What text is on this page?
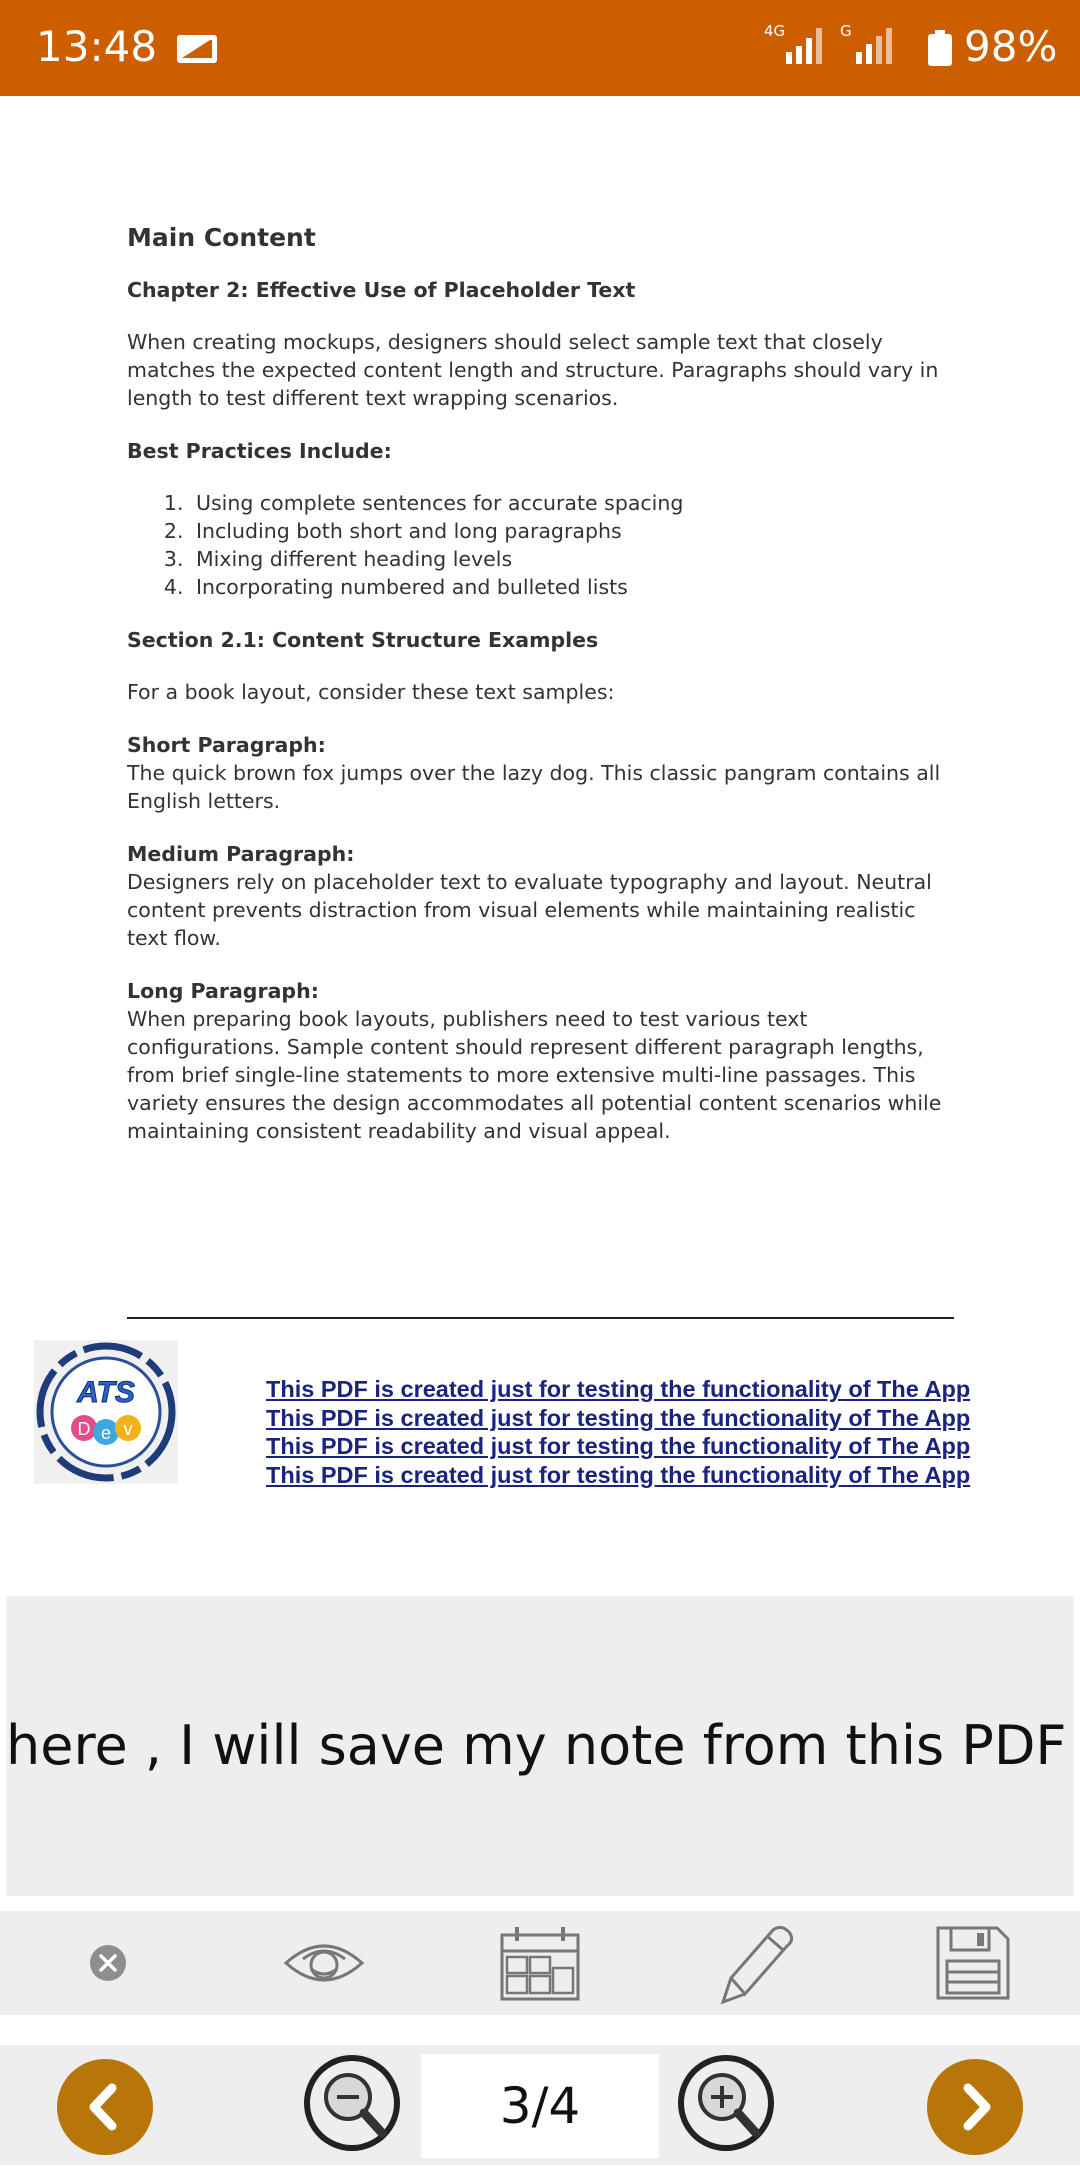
13:48	4G	G	98%
Main Content
Chapter 2: Effective Use of Placeholder Text

When creating mockups, designers should select sample text that closely matches the expected content length and structure. Paragraphs should vary in length to test different text wrapping scenarios.

Best Practices Include:
1. Using complete sentences for accurate spacing
2. Including both short and long paragraphs
3. Mixing different heading levels
4. Incorporating numbered and bulleted lists
Section 2.1: Content Structure Examples

For a book layout, consider these text samples:

Short Paragraph:
The quick brown fox jumps over the lazy dog. This classic pangram contains all English letters.
Medium Paragraph:
Designers rely on placeholder text to evaluate typography and layout. Neutral content prevents distraction from visual elements while maintaining realistic text flow.
Long Paragraph:
When preparing book layouts, publishers need to test various text configurations. Sample content should represent different paragraph lengths, from brief single-line statements to more extensive multi-line passages. This variety ensures the design accommodates all potential content scenarios while maintaining consistent readability and visual appeal.
ATS
D e v
This PDF is created just for testing the functionality of The App
This PDF is created just for testing the functionality of The App
This PDF is created just for testing the functionality of The App
This PDF is created just for testing the functionality of The App
here , I will save my note from this PDF
3/4
